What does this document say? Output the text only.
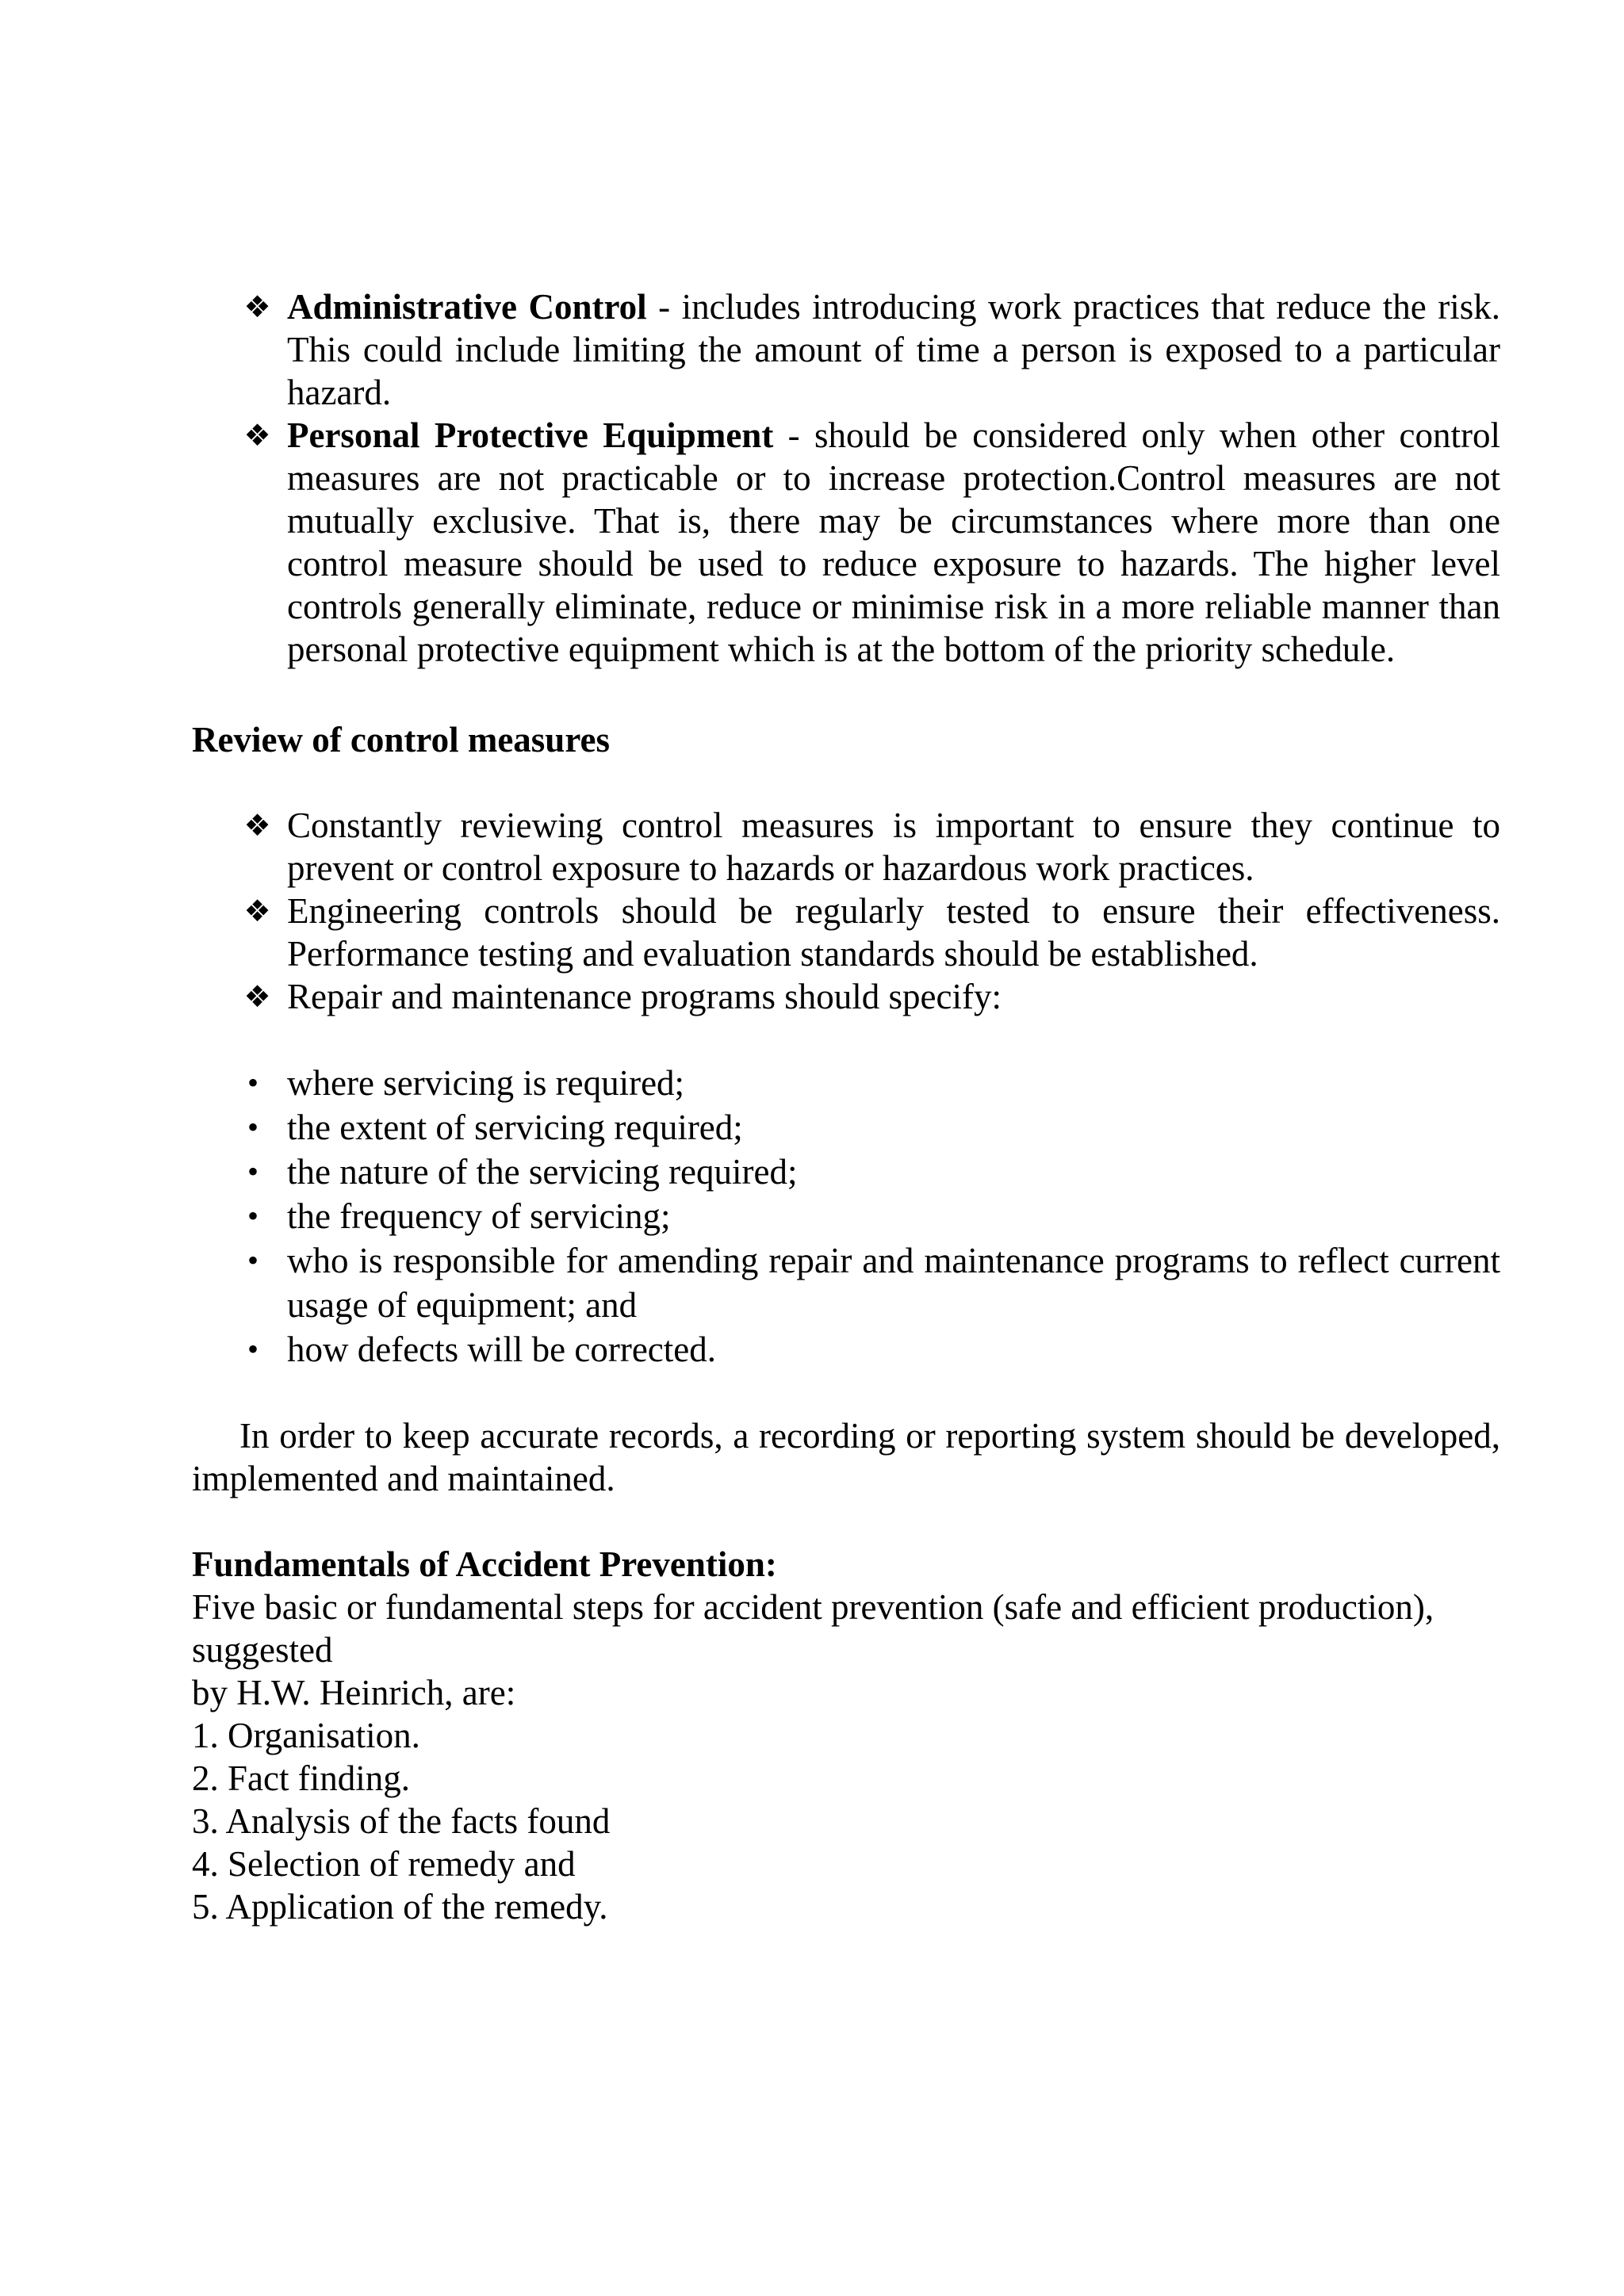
❖ Administrative Control - includes introducing work practices that reduce the risk. This could include limiting the amount of time a person is exposed to a particular hazard.
❖ Personal Protective Equipment - should be considered only when other control measures are not practicable or to increase protection.Control measures are not mutually exclusive. That is, there may be circumstances where more than one control measure should be used to reduce exposure to hazards. The higher level controls generally eliminate, reduce or minimise risk in a more reliable manner than personal protective equipment which is at the bottom of the priority schedule.

Review of control measures

❖ Constantly reviewing control measures is important to ensure they continue to prevent or control exposure to hazards or hazardous work practices.
❖ Engineering controls should be regularly tested to ensure their effectiveness. Performance testing and evaluation standards should be established.
❖ Repair and maintenance programs should specify:
• where servicing is required;
• the extent of servicing required;
• the nature of the servicing required;
• the frequency of servicing;
• who is responsible for amending repair and maintenance programs to reflect current usage of equipment; and
• how defects will be corrected.

In order to keep accurate records, a recording or reporting system should be developed, implemented and maintained.

Fundamentals of Accident Prevention:

Five basic or fundamental steps for accident prevention (safe and efficient production), suggested

by H.W. Heinrich, are:

1. Organisation.

2. Fact finding.

3. Analysis of the facts found

4. Selection of remedy and

5. Application of the remedy.
